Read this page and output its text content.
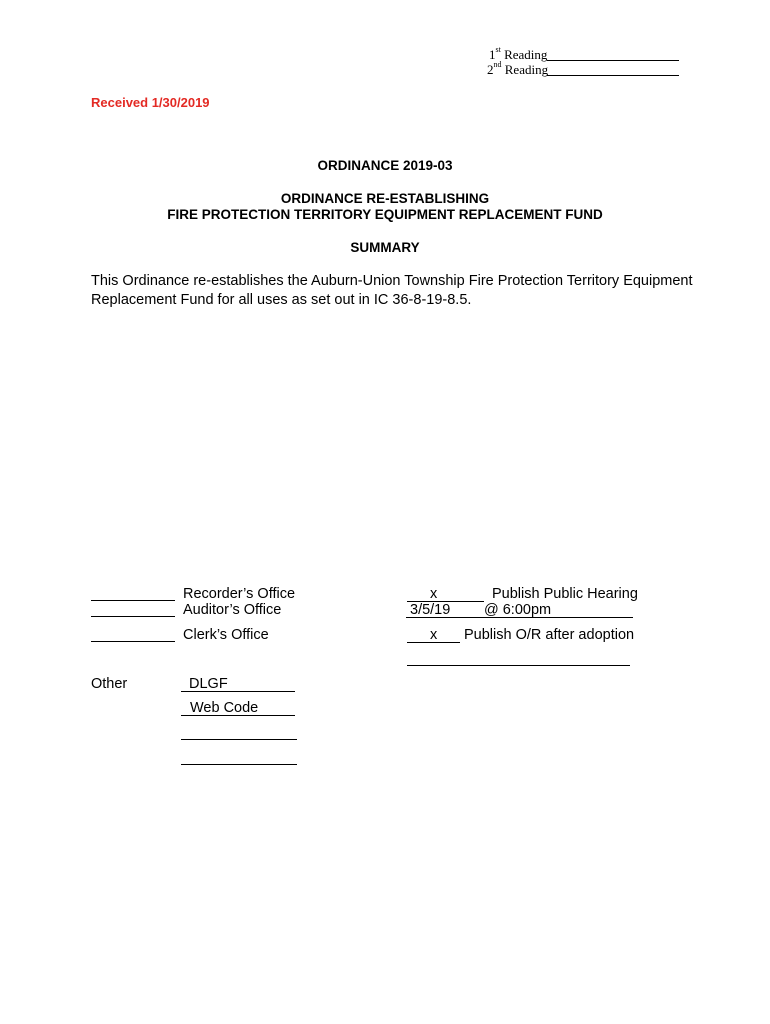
1st Reading
2nd Reading
Received 1/30/2019
ORDINANCE 2019-03
ORDINANCE RE-ESTABLISHING
FIRE PROTECTION TERRITORY EQUIPMENT REPLACEMENT FUND
SUMMARY
This Ordinance re-establishes the Auburn-Union Township Fire Protection Territory Equipment
Replacement Fund for all uses as set out in IC 36-8-19-8.5.
Recorder’s Office
Auditor’s Office
Clerk’s Office
Other	DLGF
Web Code
x	Publish Public Hearing
3/5/19 @ 6:00pm
x Publish O/R after adoption
